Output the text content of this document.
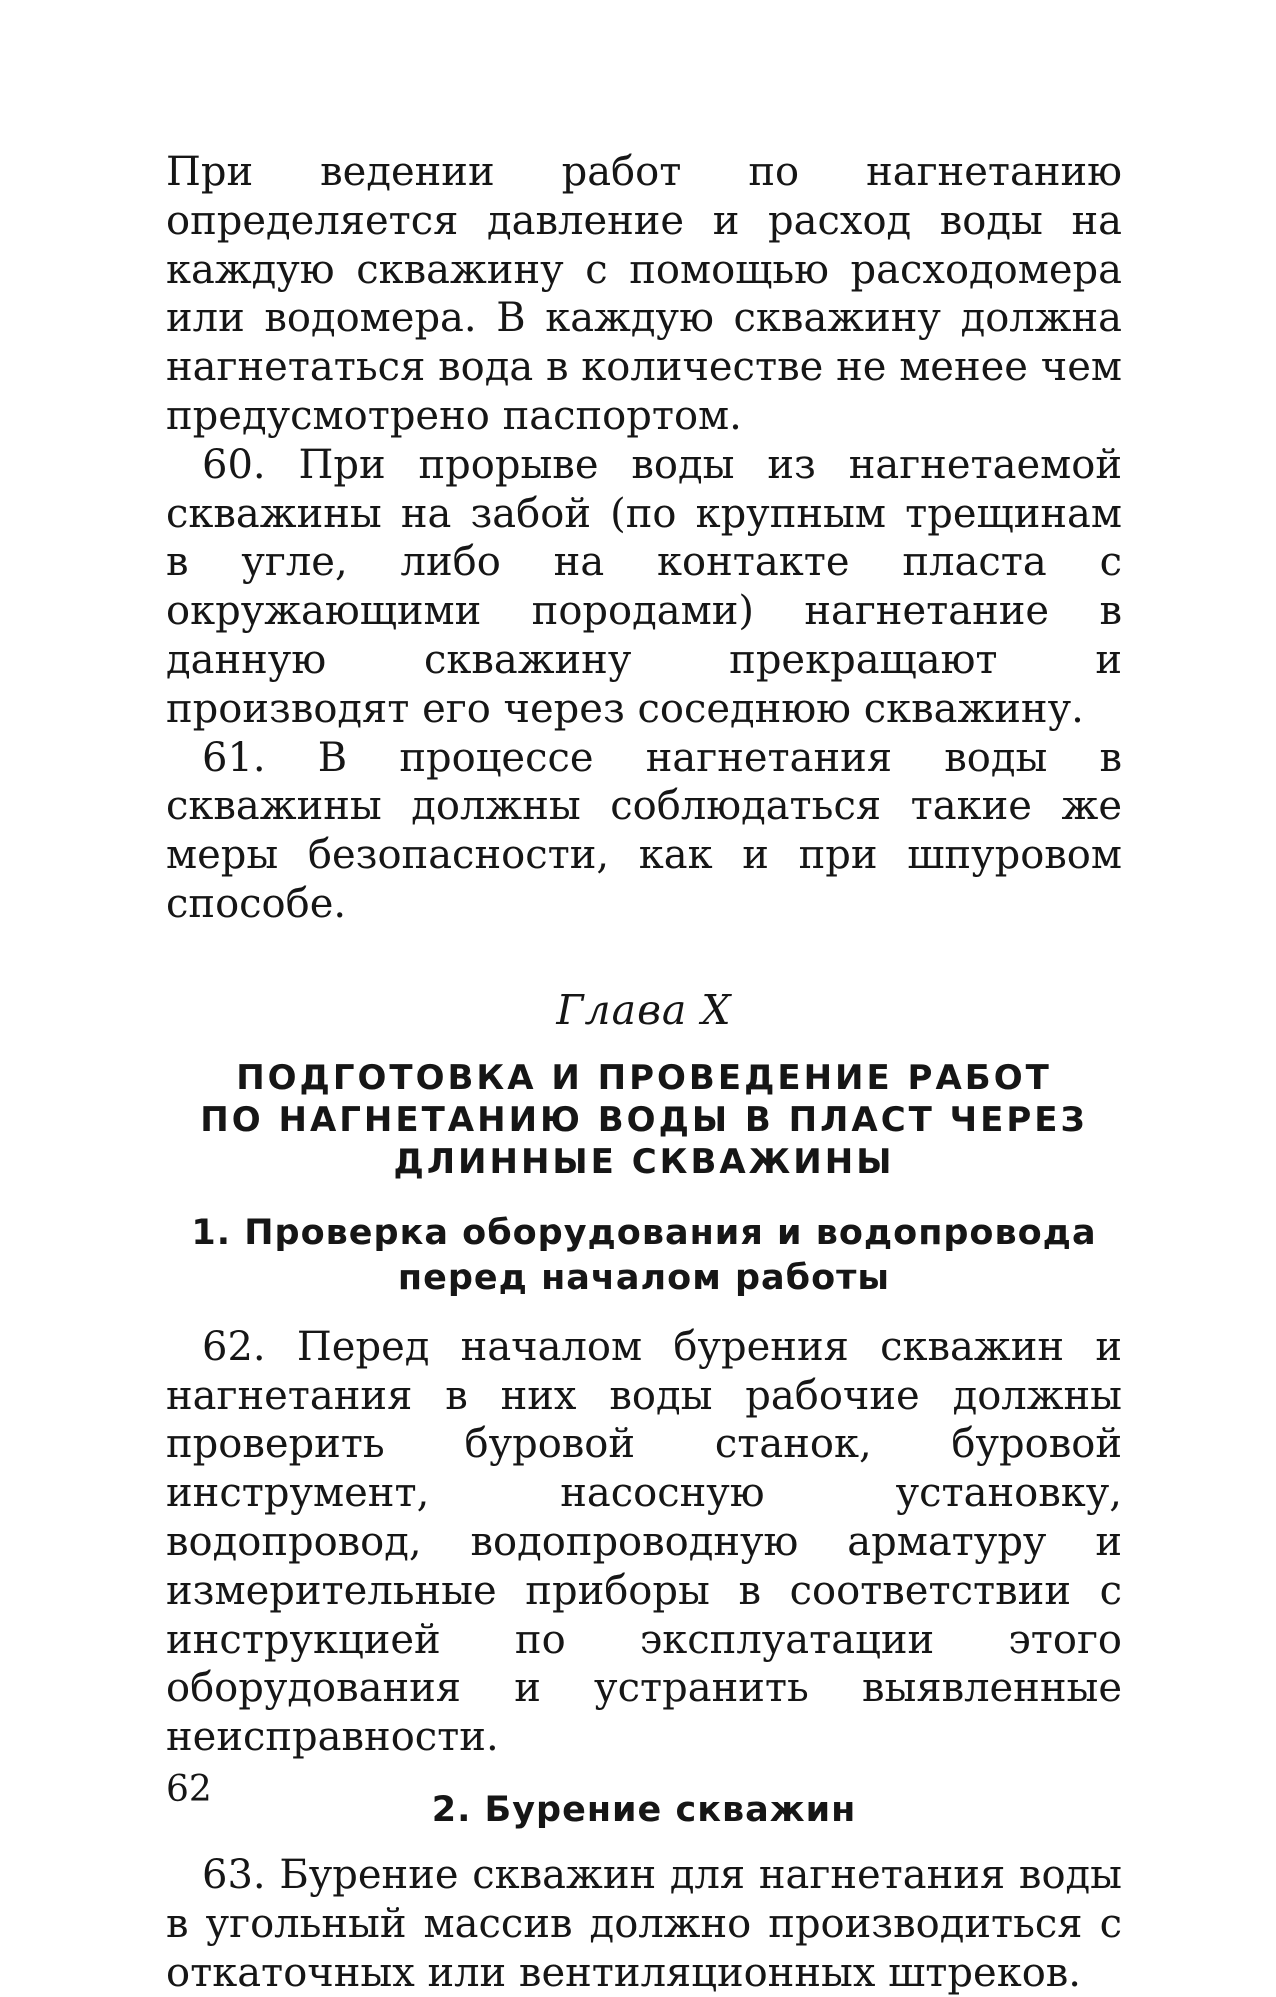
При ведении работ по нагнетанию определяется давление и расход воды на каждую скважину с помощью расходомера или водомера. В каждую скважину должна нагнетаться вода в количестве не менее чем предусмотрено паспортом.

60. При прорыве воды из нагнетаемой скважины на забой (по крупным трещинам в угле, либо на контакте пласта с окружающими породами) нагнетание в данную скважину прекращают и производят его через соседнюю скважину.

61. В процессе нагнетания воды в скважины должны соблюдаться такие же меры безопасности, как и при шпуровом способе.

Глава X

ПОДГОТОВКА И ПРОВЕДЕНИЕ РАБОТ
ПО НАГНЕТАНИЮ ВОДЫ В ПЛАСТ ЧЕРЕЗ
ДЛИННЫЕ СКВАЖИНЫ
1. Проверка оборудования и водопровода
перед началом работы

62. Перед началом бурения скважин и нагнетания в них воды рабочие должны проверить буровой станок, буровой инструмент, насосную установку, водопровод, водопроводную арматуру и измерительные приборы в соответствии с инструкцией по эксплуатации этого оборудования и устранить выявленные неисправности.

2. Бурение скважин

63. Бурение скважин для нагнетания воды в угольный массив должно производиться с откаточных или вентиляционных штреков.

62
